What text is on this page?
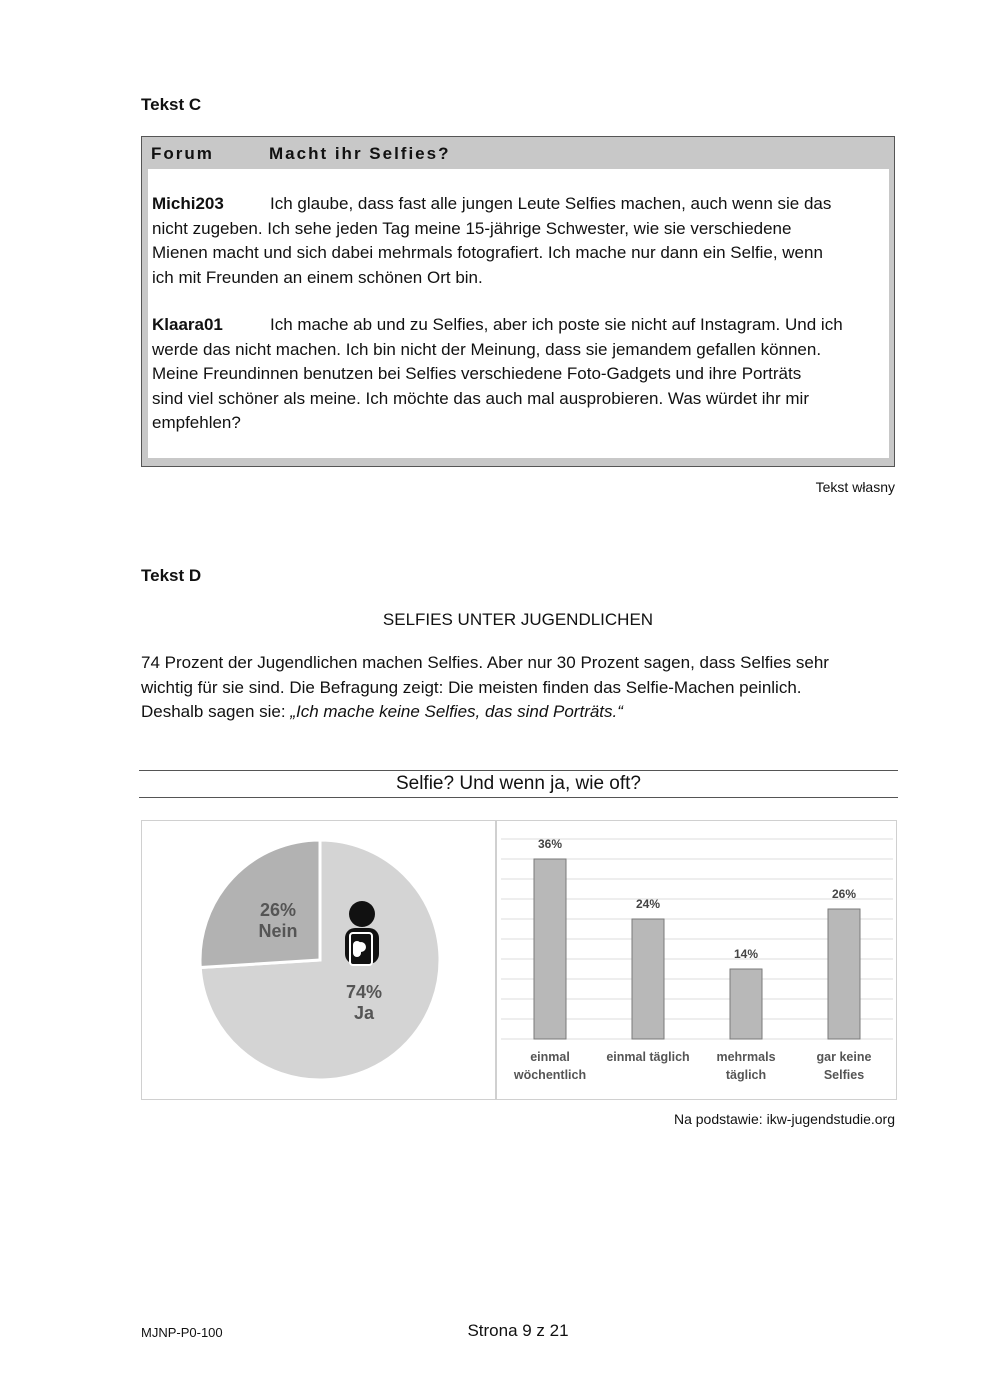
Tekst C
Forum	Macht ihr Selfies?
Michi203	Ich glaube, dass fast alle jungen Leute Selfies machen, auch wenn sie das
nicht zugeben. Ich sehe jeden Tag meine 15-jährige Schwester, wie sie verschiedene
Mienen macht und sich dabei mehrmals fotografiert. Ich mache nur dann ein Selfie, wenn
ich mit Freunden an einem schönen Ort bin.
Klaara01	Ich mache ab und zu Selfies, aber ich poste sie nicht auf Instagram. Und ich
werde das nicht machen. Ich bin nicht der Meinung, dass sie jemandem gefallen können.
Meine Freundinnen benutzen bei Selfies verschiedene Foto-Gadgets und ihre Porträts
sind viel schöner als meine. Ich möchte das auch mal ausprobieren. Was würdet ihr mir
empfehlen?
Tekst własny
Tekst D
SELFIES UNTER JUGENDLICHEN
74 Prozent der Jugendlichen machen Selfies. Aber nur 30 Prozent sagen, dass Selfies sehr
wichtig für sie sind. Die Befragung zeigt: Die meisten finden das Selfie-Machen peinlich.
Deshalb sagen sie: „Ich mache keine Selfies, das sind Porträts.“
Selfie? Und wenn ja, wie oft?
26%
Nein
74%
Ja
36%
einmal
wöchentlich
24%
einmal täglich
14%
mehrmals
täglich
26%
gar keine
Selfies
Na podstawie: ikw-jugendstudie.org
MJNP-P0-100	Strona 9 z 21
